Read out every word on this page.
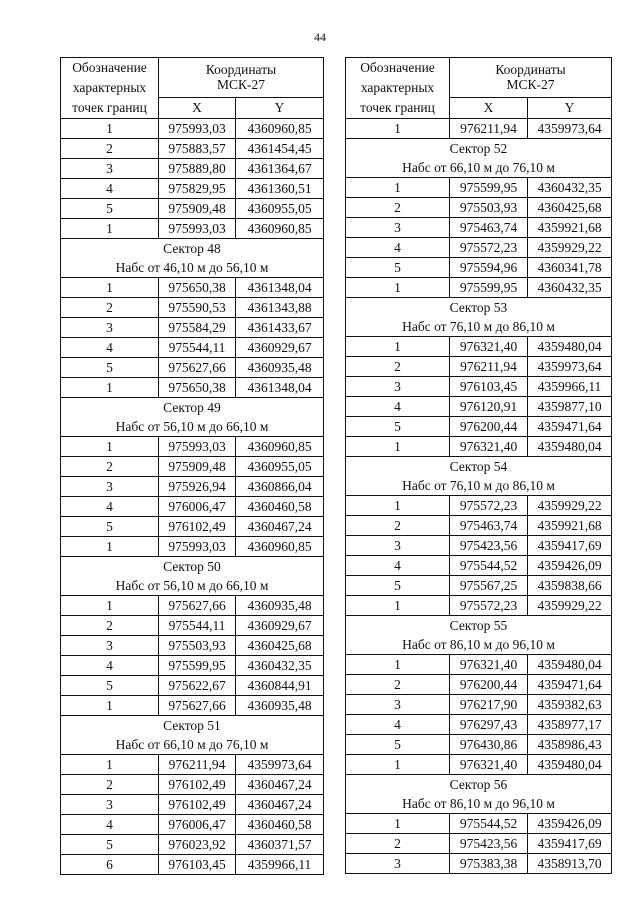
44
Обозначение
характерных
точек границ	Координаты
МСК-27	
	X	Y
1	975993,03	4360960,85
2	975883,57	4361454,45
3	975889,80	4361364,67
4	975829,95	4361360,51
5	975909,48	4360955,05
1	975993,03	4360960,85
Сектор 48		
Набс от 46,10 м до 56,10 м		
1	975650,38	4361348,04
2	975590,53	4361343,88
3	975584,29	4361433,67
4	975544,11	4360929,67
5	975627,66	4360935,48
1	975650,38	4361348,04
Сектор 49		
Набс от 56,10 м до 66,10 м		
1	975993,03	4360960,85
2	975909,48	4360955,05
3	975926,94	4360866,04
4	976006,47	4360460,58
5	976102,49	4360467,24
1	975993,03	4360960,85
Сектор 50		
Набс от 56,10 м до 66,10 м		
1	975627,66	4360935,48
2	975544,11	4360929,67
3	975503,93	4360425,68
4	975599,95	4360432,35
5	975622,67	4360844,91
1	975627,66	4360935,48
Сектор 51		
Набс от 66,10 м до 76,10 м		
1	976211,94	4359973,64
2	976102,49	4360467,24
3	976102,49	4360467,24
4	976006,47	4360460,58
5	976023,92	4360371,57
6	976103,45	4359966,11
Обозначение
характерных
точек границ	Координаты
МСК-27	
	X	Y
1	976211,94	4359973,64
Сектор 52		
Набс от 66,10 м до 76,10 м		
1	975599,95	4360432,35
2	975503,93	4360425,68
3	975463,74	4359921,68
4	975572,23	4359929,22
5	975594,96	4360341,78
1	975599,95	4360432,35
Сектор 53		
Набс от 76,10 м до 86,10 м		
1	976321,40	4359480,04
2	976211,94	4359973,64
3	976103,45	4359966,11
4	976120,91	4359877,10
5	976200,44	4359471,64
1	976321,40	4359480,04
Сектор 54		
Набс от 76,10 м до 86,10 м		
1	975572,23	4359929,22
2	975463,74	4359921,68
3	975423,56	4359417,69
4	975544,52	4359426,09
5	975567,25	4359838,66
1	975572,23	4359929,22
Сектор 55		
Набс от 86,10 м до 96,10 м		
1	976321,40	4359480,04
2	976200,44	4359471,64
3	976217,90	4359382,63
4	976297,43	4358977,17
5	976430,86	4358986,43
1	976321,40	4359480,04
Сектор 56		
Набс от 86,10 м до 96,10 м		
1	975544,52	4359426,09
2	975423,56	4359417,69
3	975383,38	4358913,70
